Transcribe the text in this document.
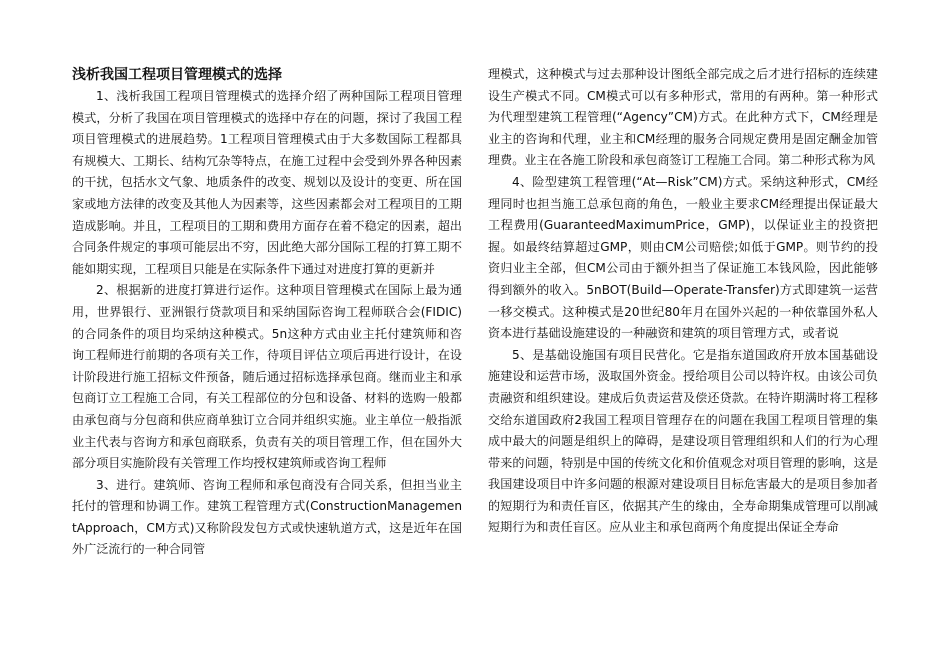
浅析我国工程项目管理模式的选择

1、浅析我国工程项目管理模式的选择介绍了两种国际工程项目管理模式，分析了我国在项目管理模式的选择中存在的问题，探讨了我国工程项目管理模式的进展趋势。1工程项目管理模式由于大多数国际工程都具有规模大、工期长、结构冗杂等特点，在施工过程中会受到外界各种因素的干扰，包括水文气象、地质条件的改变、规划以及设计的变更、所在国家或地方法律的改变及其他人为因素等，这些因素都会对工程项目的工期造成影响。并且，工程项目的工期和费用方面存在着不稳定的因素，超出合同条件规定的事项可能层出不穷，因此绝大部分国际工程的打算工期不能如期实现，工程项目只能是在实际条件下通过对进度打算的更新并

2、根据新的进度打算进行运作。这种项目管理模式在国际上最为通用，世界银行、亚洲银行贷款项目和采纳国际咨询工程师联合会(FIDIC)的合同条件的项目均采纳这种模式。5n这种方式由业主托付建筑师和咨询工程师进行前期的各项有关工作，待项目评估立项后再进行设计，在设计阶段进行施工招标文件预备，随后通过招标选择承包商。继而业主和承包商订立工程施工合同，有关工程部位的分包和设备、材料的选购一般都由承包商与分包商和供应商单独订立合同并组织实施。业主单位一般指派业主代表与咨询方和承包商联系，负责有关的项目管理工作，但在国外大部分项目实施阶段有关管理工作均授权建筑师或咨询工程师

3、进行。建筑师、咨询工程师和承包商没有合同关系，但担当业主托付的管理和协调工作。建筑工程管理方式(ConstructionManagementApproach，CM方式)又称阶段发包方式或快速轨道方式，这是近年在国外广泛流行的一种合同管

理模式，这种模式与过去那种设计图纸全部完成之后才进行招标的连续建设生产模式不同。CM模式可以有多种形式，常用的有两种。第一种形式为代理型建筑工程管理(“Agency”CM)方式。在此种方式下，CM经理是业主的咨询和代理，业主和CM经理的服务合同规定费用是固定酬金加管理费。业主在各施工阶段和承包商签订工程施工合同。第二种形式称为风

4、险型建筑工程管理(“At—Risk”CM)方式。采纳这种形式，CM经理同时也担当施工总承包商的角色，一般业主要求CM经理提出保证最大工程费用(GuaranteedMaximumPrice，GMP)，以保证业主的投资把握。如最终结算超过GMP，则由CM公司赔偿;如低于GMP。则节约的投资归业主全部，但CM公司由于额外担当了保证施工本钱风险，因此能够得到额外的收入。5nBOT(Build—Operate-Transfer)方式即建筑一运营一移交模式。这种模式是20世纪80年月在国外兴起的一种依靠国外私人资本进行基础设施建设的一种融资和建筑的项目管理方式，或者说

5、是基础设施国有项目民营化。它是指东道国政府开放本国基础设施建设和运营市场，汲取国外资金。授给项目公司以特许权。由该公司负责融资和组织建设。建成后负责运营及偿还贷款。在特许期满时将工程移交给东道国政府2我国工程项目管理存在的问题在我国工程项目管理的集成中最大的问题是组织上的障碍，是建设项目管理组织和人们的行为心理带来的问题，特别是中国的传统文化和价值观念对项目管理的影响，这是我国建设项目中许多问题的根源对建设项目目标危害最大的是项目参加者的短期行为和责任盲区，依据其产生的缘由，全寿命期集成管理可以削减短期行为和责任盲区。应从业主和承包商两个角度提出保证全寿命
